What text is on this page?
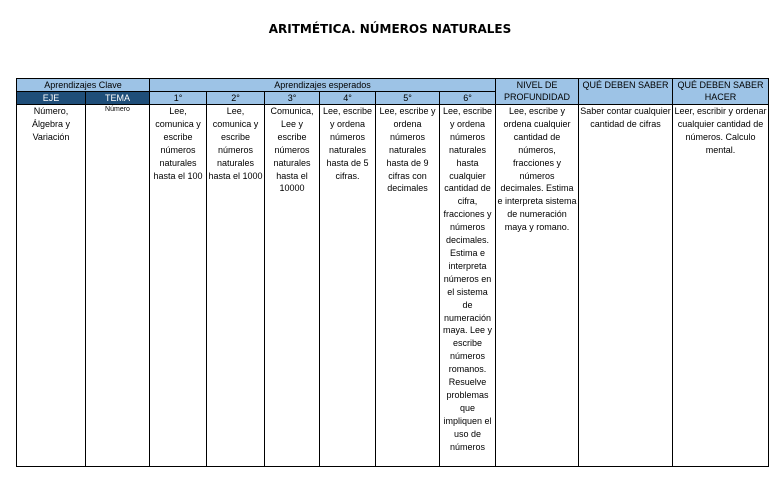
ARITMÉTICA. NÚMEROS NATURALES
Aprendizajes Clave		Aprendizajes esperados						NIVEL DE PROFUNDIDAD	QUÉ DEBEN SABER	QUÉ DEBEN SABER HACER
EJE	TEMA	1°	2°	3°	4°	5°	6°			
Número, Álgebra y Variación	Número	Lee, comunica y escribe números naturales hasta el 100	Lee, comunica y escribe números naturales hasta el 1000	Comunica, Lee y escribe números naturales hasta el 10000	Lee, escribe y ordena números naturales hasta de 5 cifras.	Lee, escribe y ordena números naturales hasta de 9 cifras con decimales	Lee, escribe y ordena números naturales hasta cualquier cantidad de cifra, fracciones y números decimales. Estima e interpreta números en el sistema de numeración maya. Lee y escribe números romanos. Resuelve problemas que impliquen el uso de números	Lee, escribe y ordena cualquier cantidad de números, fracciones y números decimales. Estima e interpreta sistema de numeración maya y romano.	Saber contar cualquier cantidad de cifras	Leer, escribir y ordenar cualquier cantidad de números. Calculo mental.
